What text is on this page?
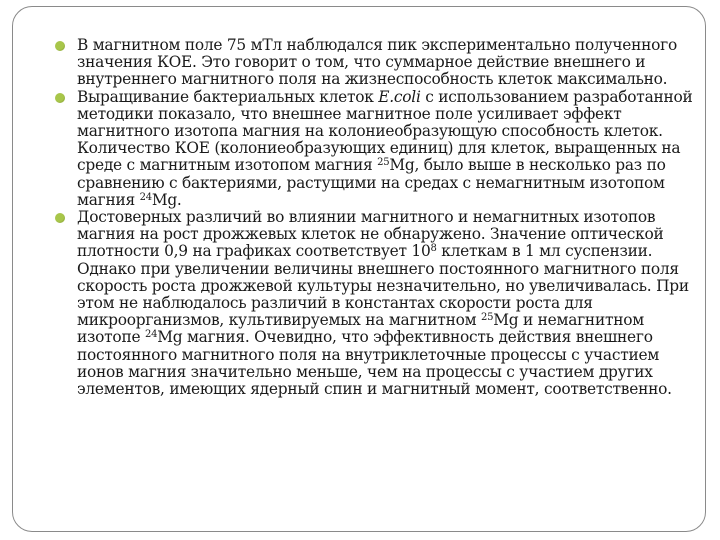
В магнитном поле 75 мТл наблюдался пик экспериментально полученного значения КОЕ. Это говорит о том, что суммарное действие внешнего и внутреннего магнитного поля на жизнеспособность клеток максимально.

Выращивание бактериальных клеток E.coli с использованием разработанной методики показало, что внешнее магнитное поле усиливает эффект магнитного изотопа магния на колониеобразующую способность клеток. Количество КОЕ (колониеобразующих единиц) для клеток, выращенных на среде с магнитным изотопом магния $^{25}$Mg, было выше в несколько раз по сравнению с бактериями, растущими на средах с немагнитным изотопом магния $^{24}$Mg.

Достоверных различий во влиянии магнитного и немагнитных изотопов магния на рост дрожжевых клеток не обнаружено. Значение оптической плотности 0,9 на графиках соответствует $10^8$ клеткам в 1 мл суспензии. Однако при увеличении величины внешнего постоянного магнитного поля скорость роста дрожжевой культуры незначительно, но увеличивалась. При этом не наблюдалось различий в константах скорости роста для микроорганизмов, культивируемых на магнитном $^{25}$Mg и немагнитном изотопе $^{24}$Mg магния. Очевидно, что эффективность действия внешнего постоянного магнитного поля на внутриклеточные процессы с участием ионов магния значительно меньше, чем на процессы с участием других элементов, имеющих ядерный спин и магнитный момент, соответственно.
